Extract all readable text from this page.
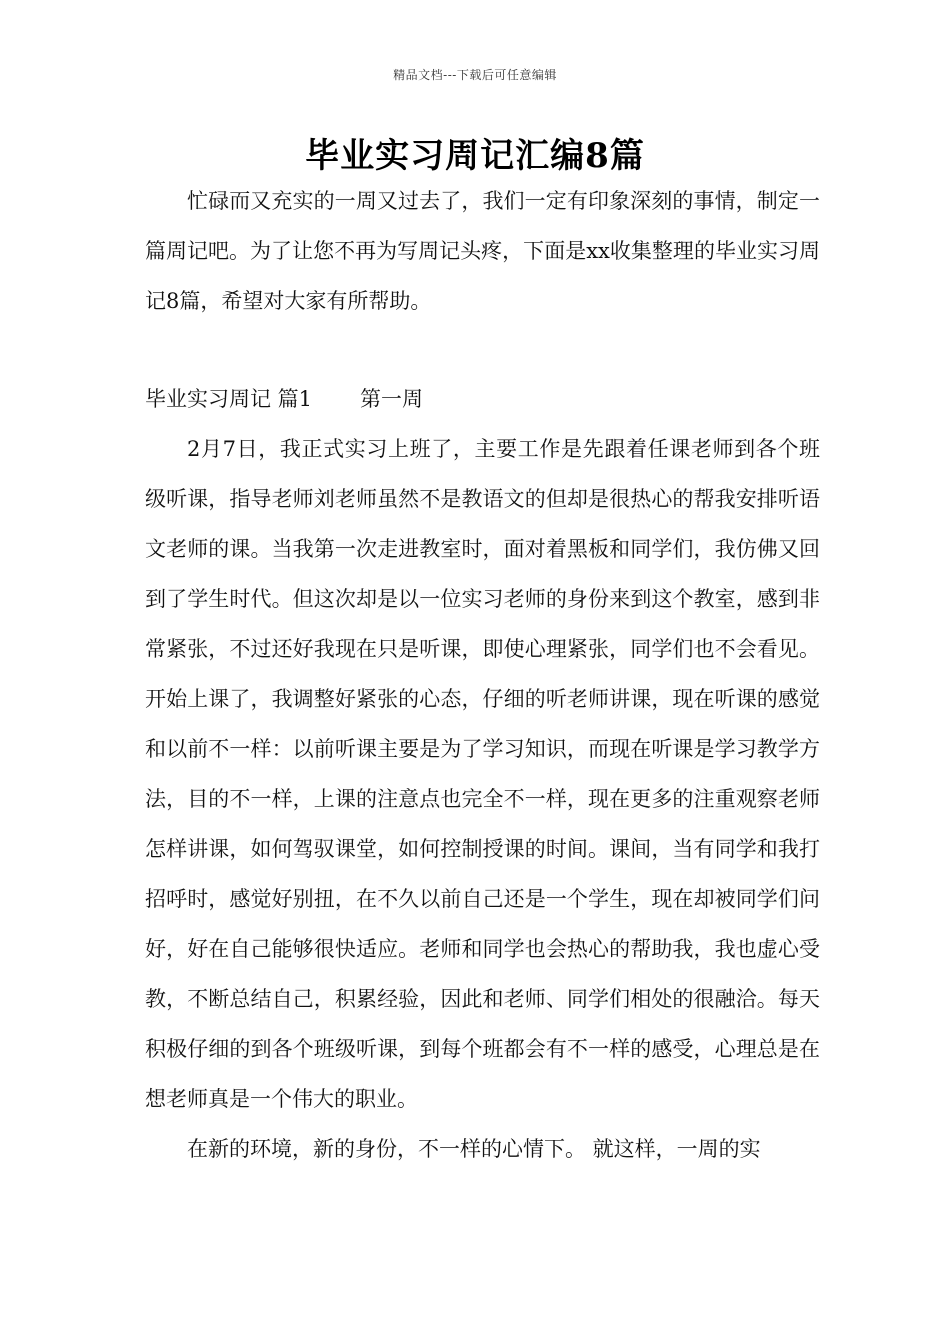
精品文档---下载后可任意编辑
毕业实习周记汇编8篇

忙碌而又充实的一周又过去了，我们一定有印象深刻的事情，制定一篇周记吧。为了让您不再为写周记头疼，下面是xx收集整理的毕业实习周记8篇，希望对大家有所帮助。

毕业实习周记 篇1 第一周

2月7日，我正式实习上班了，主要工作是先跟着任课老师到各个班级听课，指导老师刘老师虽然不是教语文的但却是很热心的帮我安排听语文老师的课。当我第一次走进教室时，面对着黑板和同学们，我仿佛又回到了学生时代。但这次却是以一位实习老师的身份来到这个教室，感到非常紧张，不过还好我现在只是听课，即使心理紧张，同学们也不会看见。开始上课了，我调整好紧张的心态，仔细的听老师讲课，现在听课的感觉和以前不一样：以前听课主要是为了学习知识，而现在听课是学习教学方法，目的不一样，上课的注意点也完全不一样，现在更多的注重观察老师怎样讲课，如何驾驭课堂，如何控制授课的时间。课间，当有同学和我打招呼时，感觉好别扭，在不久以前自己还是一个学生，现在却被同学们问好，好在自己能够很快适应。老师和同学也会热心的帮助我，我也虚心受教，不断总结自己，积累经验，因此和老师、同学们相处的很融洽。每天积极仔细的到各个班级听课，到每个班都会有不一样的感受，心理总是在想老师真是一个伟大的职业。

在新的环境，新的身份，不一样的心情下。 就这样，一周的实
